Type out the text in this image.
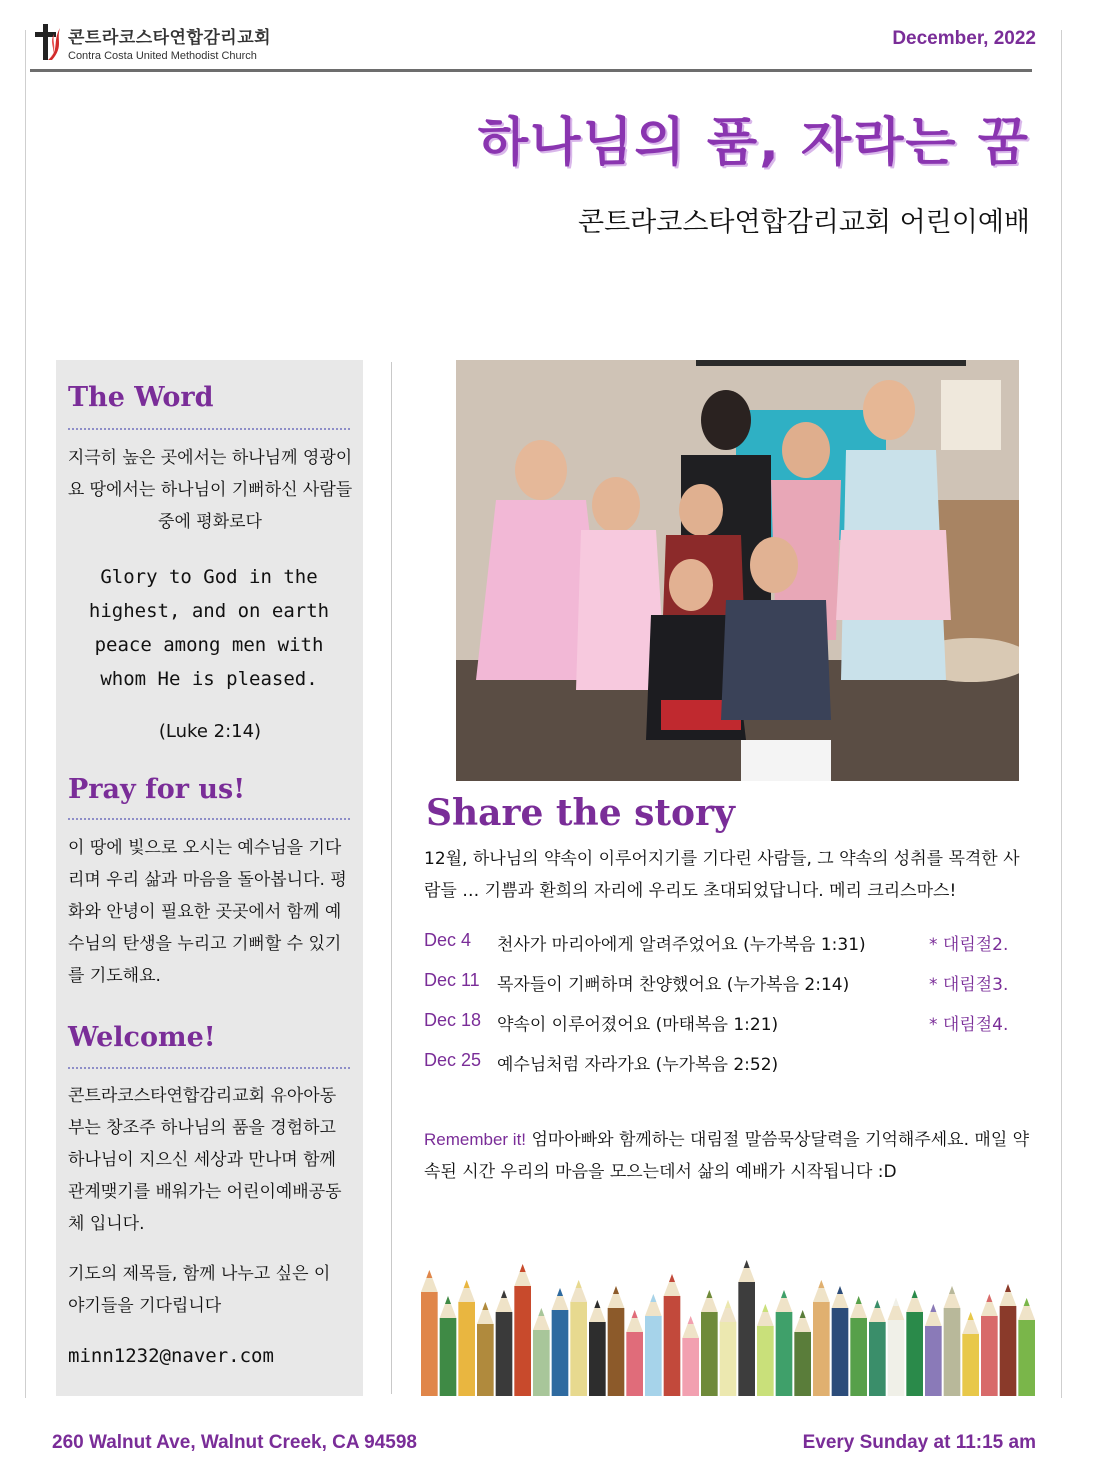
콘트라코스타연합감리교회
Contra Costa United Methodist Church
December, 2022
하나님의 품, 자라는 꿈
콘트라코스타연합감리교회 어린이예배
The Word
지극히 높은 곳에서는 하나님께 영광이요 땅에서는 하나님이 기뻐하신 사람들 중에 평화로다
Glory to God in the highest, and on earth peace among men with whom He is pleased.
(Luke 2:14)
Pray for us!
이 땅에 빛으로 오시는 예수님을 기다리며 우리 삶과 마음을 돌아봅니다. 평화와 안녕이 필요한 곳곳에서 함께 예수님의 탄생을 누리고 기뻐할 수 있기를 기도해요.
Welcome!
콘트라코스타연합감리교회 유아아동부는 창조주 하나님의 품을 경험하고 하나님이 지으신 세상과 만나며 함께 관계맺기를 배워가는 어린이예배공동체 입니다.
기도의 제목들, 함께 나누고 싶은 이야기들을 기다립니다
minn1232@naver.com
Share the story
12월, 하나님의 약속이 이루어지기를 기다린 사람들, 그 약속의 성취를 목격한 사람들 … 기쁨과 환희의 자리에 우리도 초대되었답니다. 메리 크리스마스!
Dec 4	천사가 마리아에게 알려주었어요 (누가복음 1:31)	* 대림절2.
Dec 11	목자들이 기뻐하며 찬양했어요 (누가복음 2:14)	* 대림절3.
Dec 18 약속이 이루어졌어요 (마태복음 1:21)	* 대림절4.
Dec 25 예수님처럼 자라가요 (누가복음 2:52)
Remember it! 엄마아빠와 함께하는 대림절 말씀묵상달력을 기억해주세요. 매일 약속된 시간 우리의 마음을 모으는데서 삶의 예배가 시작됩니다 :D
260 Walnut Ave, Walnut Creek, CA 94598	Every Sunday at 11:15 am
